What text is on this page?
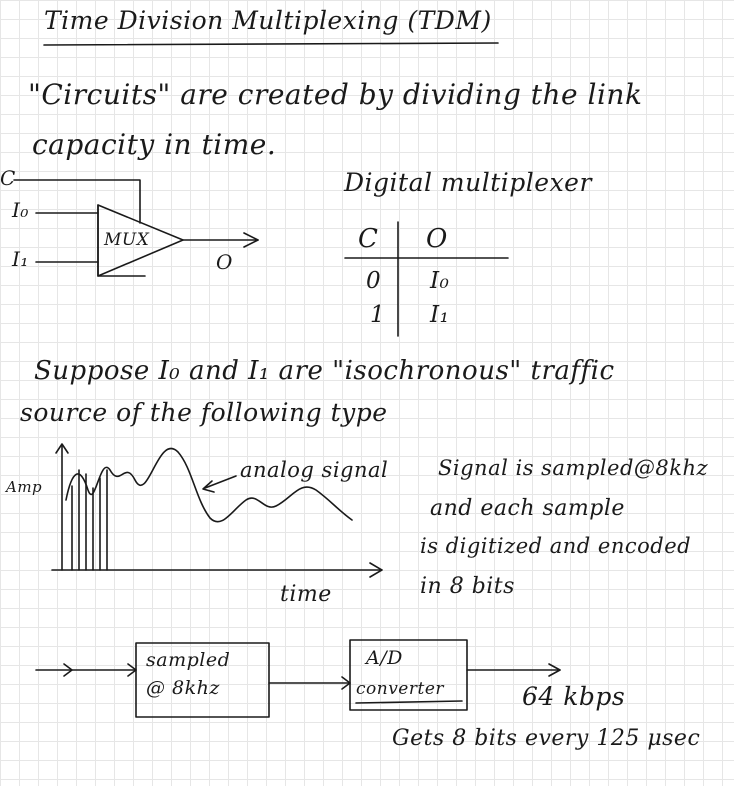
Time Division Multiplexing (TDM)
"Circuits" are created by dividing the link
capacity in time.
C
I₀
I₁
MUX
O
Digital multiplexer
C O
0 I₀
1 I₁
Suppose I₀ and I₁ are "isochronous" traffic
source of the following type
Amp
time
analog signal Signal is sampled@8khz
and each sample
is digitized and encoded
in 8 bits
sampled
@ 8khz
A/D
converter	64 kbps
Gets 8 bits every 125 μsec
